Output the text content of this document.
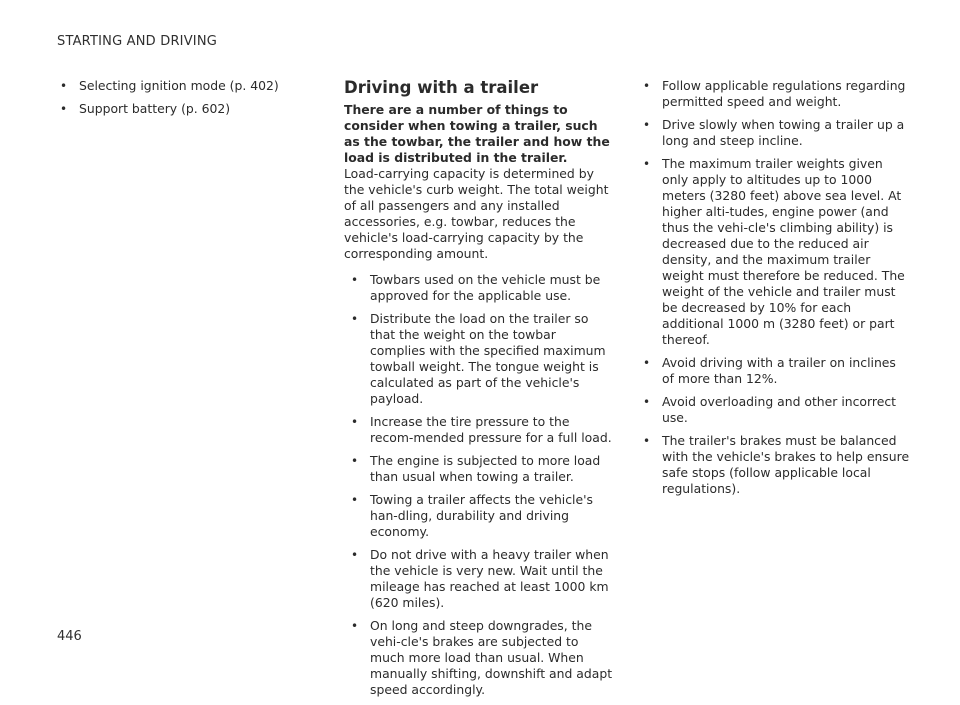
STARTING AND DRIVING
• Selecting ignition mode (p. 402)
• Support battery (p. 602)
Driving with a trailer

There are a number of things to consider when towing a trailer, such as the towbar, the trailer and how the load is distributed in the trailer.

Load-carrying capacity is determined by the vehicle's curb weight. The total weight of all passengers and any installed accessories, e.g. towbar, reduces the vehicle's load-carrying capacity by the corresponding amount.

• Towbars used on the vehicle must be approved for the applicable use.
• Distribute the load on the trailer so that the weight on the towbar complies with the specified maximum towball weight. The tongue weight is calculated as part of the vehicle's payload.
• Increase the tire pressure to the recom-mended pressure for a full load.
• The engine is subjected to more load than usual when towing a trailer.
• Towing a trailer affects the vehicle's han-dling, durability and driving economy.
• Do not drive with a heavy trailer when the vehicle is very new. Wait until the mileage has reached at least 1000 km (620 miles).
• On long and steep downgrades, the vehi-cle's brakes are subjected to much more load than usual. When manually shifting, downshift and adapt speed accordingly.
• Follow applicable regulations regarding permitted speed and weight.
• Drive slowly when towing a trailer up a long and steep incline.
• The maximum trailer weights given only apply to altitudes up to 1000 meters (3280 feet) above sea level. At higher alti-tudes, engine power (and thus the vehi-cle's climbing ability) is decreased due to the reduced air density, and the maximum trailer weight must therefore be reduced. The weight of the vehicle and trailer must be decreased by 10% for each additional 1000 m (3280 feet) or part thereof.
• Avoid driving with a trailer on inclines of more than 12%.
• Avoid overloading and other incorrect use.
• The trailer's brakes must be balanced with the vehicle's brakes to help ensure safe stops (follow applicable local regulations).
446
